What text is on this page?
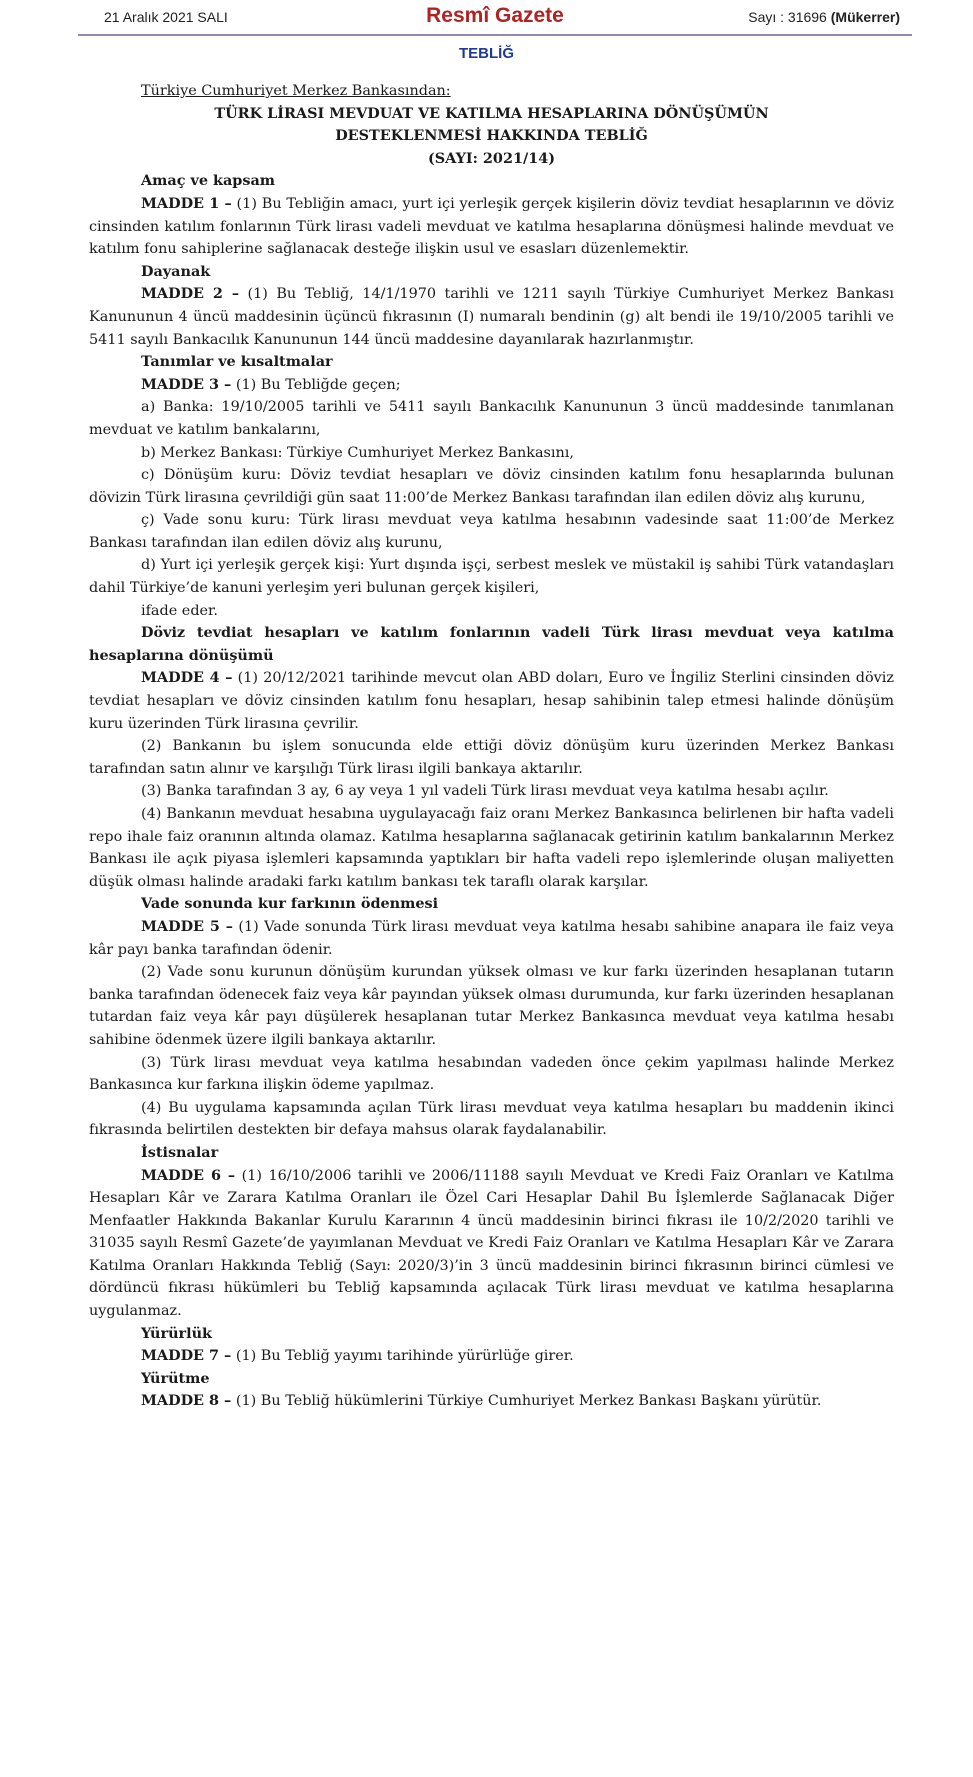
21 Aralık 2021 SALI	Resmî Gazete	Sayı : 31696 (Mükerrer)
TEBLİĞ

Türkiye Cumhuriyet Merkez Bankasından:

TÜRK LİRASI MEVDUAT VE KATILMA HESAPLARINA DÖNÜŞÜMÜN

DESTEKLENMESİ HAKKINDA TEBLİĞ

(SAYI: 2021/14)

Amaç ve kapsam

MADDE 1 – (1) Bu Tebliğin amacı, yurt içi yerleşik gerçek kişilerin döviz tevdiat hesaplarının ve döviz cinsinden katılım fonlarının Türk lirası vadeli mevduat ve katılma hesaplarına dönüşmesi halinde mevduat ve katılım fonu sahiplerine sağlanacak desteğe ilişkin usul ve esasları düzenlemektir.

Dayanak

MADDE 2 – (1) Bu Tebliğ, 14/1/1970 tarihli ve 1211 sayılı Türkiye Cumhuriyet Merkez Bankası Kanununun 4 üncü maddesinin üçüncü fıkrasının (I) numaralı bendinin (g) alt bendi ile 19/10/2005 tarihli ve 5411 sayılı Bankacılık Kanununun 144 üncü maddesine dayanılarak hazırlanmıştır.

Tanımlar ve kısaltmalar

MADDE 3 – (1) Bu Tebliğde geçen;

a) Banka: 19/10/2005 tarihli ve 5411 sayılı Bankacılık Kanununun 3 üncü maddesinde tanımlanan mevduat ve katılım bankalarını,

b) Merkez Bankası: Türkiye Cumhuriyet Merkez Bankasını,

c) Dönüşüm kuru: Döviz tevdiat hesapları ve döviz cinsinden katılım fonu hesaplarında bulunan dövizin Türk lirasına çevrildiği gün saat 11:00’de Merkez Bankası tarafından ilan edilen döviz alış kurunu,

ç) Vade sonu kuru: Türk lirası mevduat veya katılma hesabının vadesinde saat 11:00’de Merkez Bankası tarafından ilan edilen döviz alış kurunu,

d) Yurt içi yerleşik gerçek kişi: Yurt dışında işçi, serbest meslek ve müstakil iş sahibi Türk vatandaşları dahil Türkiye’de kanuni yerleşim yeri bulunan gerçek kişileri,

ifade eder.

Döviz tevdiat hesapları ve katılım fonlarının vadeli Türk lirası mevduat veya katılma hesaplarına dönüşümü

MADDE 4 – (1) 20/12/2021 tarihinde mevcut olan ABD doları, Euro ve İngiliz Sterlini cinsinden döviz tevdiat hesapları ve döviz cinsinden katılım fonu hesapları, hesap sahibinin talep etmesi halinde dönüşüm kuru üzerinden Türk lirasına çevrilir.

(2) Bankanın bu işlem sonucunda elde ettiği döviz dönüşüm kuru üzerinden Merkez Bankası tarafından satın alınır ve karşılığı Türk lirası ilgili bankaya aktarılır.

(3) Banka tarafından 3 ay, 6 ay veya 1 yıl vadeli Türk lirası mevduat veya katılma hesabı açılır.

(4) Bankanın mevduat hesabına uygulayacağı faiz oranı Merkez Bankasınca belirlenen bir hafta vadeli repo ihale faiz oranının altında olamaz. Katılma hesaplarına sağlanacak getirinin katılım bankalarının Merkez Bankası ile açık piyasa işlemleri kapsamında yaptıkları bir hafta vadeli repo işlemlerinde oluşan maliyetten düşük olması halinde aradaki farkı katılım bankası tek taraflı olarak karşılar.

Vade sonunda kur farkının ödenmesi

MADDE 5 – (1) Vade sonunda Türk lirası mevduat veya katılma hesabı sahibine anapara ile faiz veya kâr payı banka tarafından ödenir.

(2) Vade sonu kurunun dönüşüm kurundan yüksek olması ve kur farkı üzerinden hesaplanan tutarın banka tarafından ödenecek faiz veya kâr payından yüksek olması durumunda, kur farkı üzerinden hesaplanan tutardan faiz veya kâr payı düşülerek hesaplanan tutar Merkez Bankasınca mevduat veya katılma hesabı sahibine ödenmek üzere ilgili bankaya aktarılır.

(3) Türk lirası mevduat veya katılma hesabından vadeden önce çekim yapılması halinde Merkez Bankasınca kur farkına ilişkin ödeme yapılmaz.

(4) Bu uygulama kapsamında açılan Türk lirası mevduat veya katılma hesapları bu maddenin ikinci fıkrasında belirtilen destekten bir defaya mahsus olarak faydalanabilir.

İstisnalar

MADDE 6 – (1) 16/10/2006 tarihli ve 2006/11188 sayılı Mevduat ve Kredi Faiz Oranları ve Katılma Hesapları Kâr ve Zarara Katılma Oranları ile Özel Cari Hesaplar Dahil Bu İşlemlerde Sağlanacak Diğer Menfaatler Hakkında Bakanlar Kurulu Kararının 4 üncü maddesinin birinci fıkrası ile 10/2/2020 tarihli ve 31035 sayılı Resmî Gazete’de yayımlanan Mevduat ve Kredi Faiz Oranları ve Katılma Hesapları Kâr ve Zarara Katılma Oranları Hakkında Tebliğ (Sayı: 2020/3)’in 3 üncü maddesinin birinci fıkrasının birinci cümlesi ve dördüncü fıkrası hükümleri bu Tebliğ kapsamında açılacak Türk lirası mevduat ve katılma hesaplarına uygulanmaz.

Yürürlük

MADDE 7 – (1) Bu Tebliğ yayımı tarihinde yürürlüğe girer.

Yürütme

MADDE 8 – (1) Bu Tebliğ hükümlerini Türkiye Cumhuriyet Merkez Bankası Başkanı yürütür.
